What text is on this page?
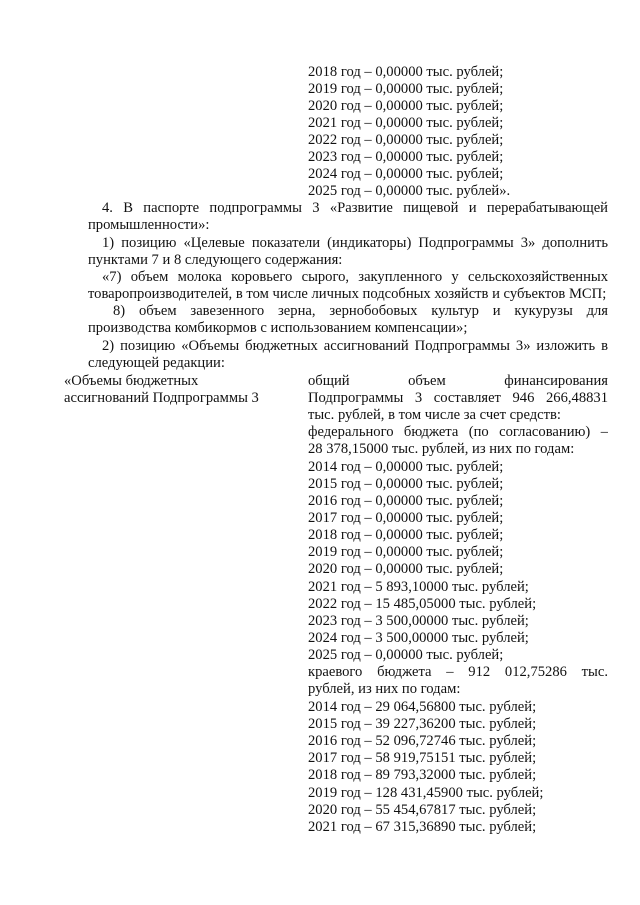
2018 год – 0,00000 тыс. рублей;
2019 год – 0,00000 тыс. рублей;
2020 год – 0,00000 тыс. рублей;
2021 год – 0,00000 тыс. рублей;
2022 год – 0,00000 тыс. рублей;
2023 год – 0,00000 тыс. рублей;
2024 год – 0,00000 тыс. рублей;
2025 год – 0,00000 тыс. рублей».
4. В паспорте подпрограммы 3 «Развитие пищевой и перерабатывающей
промышленности»:
1) позицию «Целевые показатели (индикаторы) Подпрограммы 3» дополнить
пунктами 7 и 8 следующего содержания:
«7) объем молока коровьего сырого, закупленного у сельскохозяйственных
товаропроизводителей, в том числе личных подсобных хозяйств и субъектов МСП;
8) объем завезенного зерна, зернобобовых культур и кукурузы для
производства комбикормов с использованием компенсации»;
2) позицию «Объемы бюджетных ассигнований Подпрограммы 3» изложить в
следующей редакции:
«Объемы бюджетных
ассигнований Подпрограммы 3
общий объем финансирования
Подпрограммы 3 составляет 946 266,48831
тыс. рублей, в том числе за счет средств:
федерального бюджета (по согласованию) –
28 378,15000 тыс. рублей, из них по годам:
2014 год – 0,00000 тыс. рублей;
2015 год – 0,00000 тыс. рублей;
2016 год – 0,00000 тыс. рублей;
2017 год – 0,00000 тыс. рублей;
2018 год – 0,00000 тыс. рублей;
2019 год – 0,00000 тыс. рублей;
2020 год – 0,00000 тыс. рублей;
2021 год – 5 893,10000 тыс. рублей;
2022 год – 15 485,05000 тыс. рублей;
2023 год – 3 500,00000 тыс. рублей;
2024 год – 3 500,00000 тыс. рублей;
2025 год – 0,00000 тыс. рублей;
краевого бюджета – 912 012,75286 тыс.
рублей, из них по годам:
2014 год – 29 064,56800 тыс. рублей;
2015 год – 39 227,36200 тыс. рублей;
2016 год – 52 096,72746 тыс. рублей;
2017 год – 58 919,75151 тыс. рублей;
2018 год – 89 793,32000 тыс. рублей;
2019 год – 128 431,45900 тыс. рублей;
2020 год – 55 454,67817 тыс. рублей;
2021 год – 67 315,36890 тыс. рублей;
